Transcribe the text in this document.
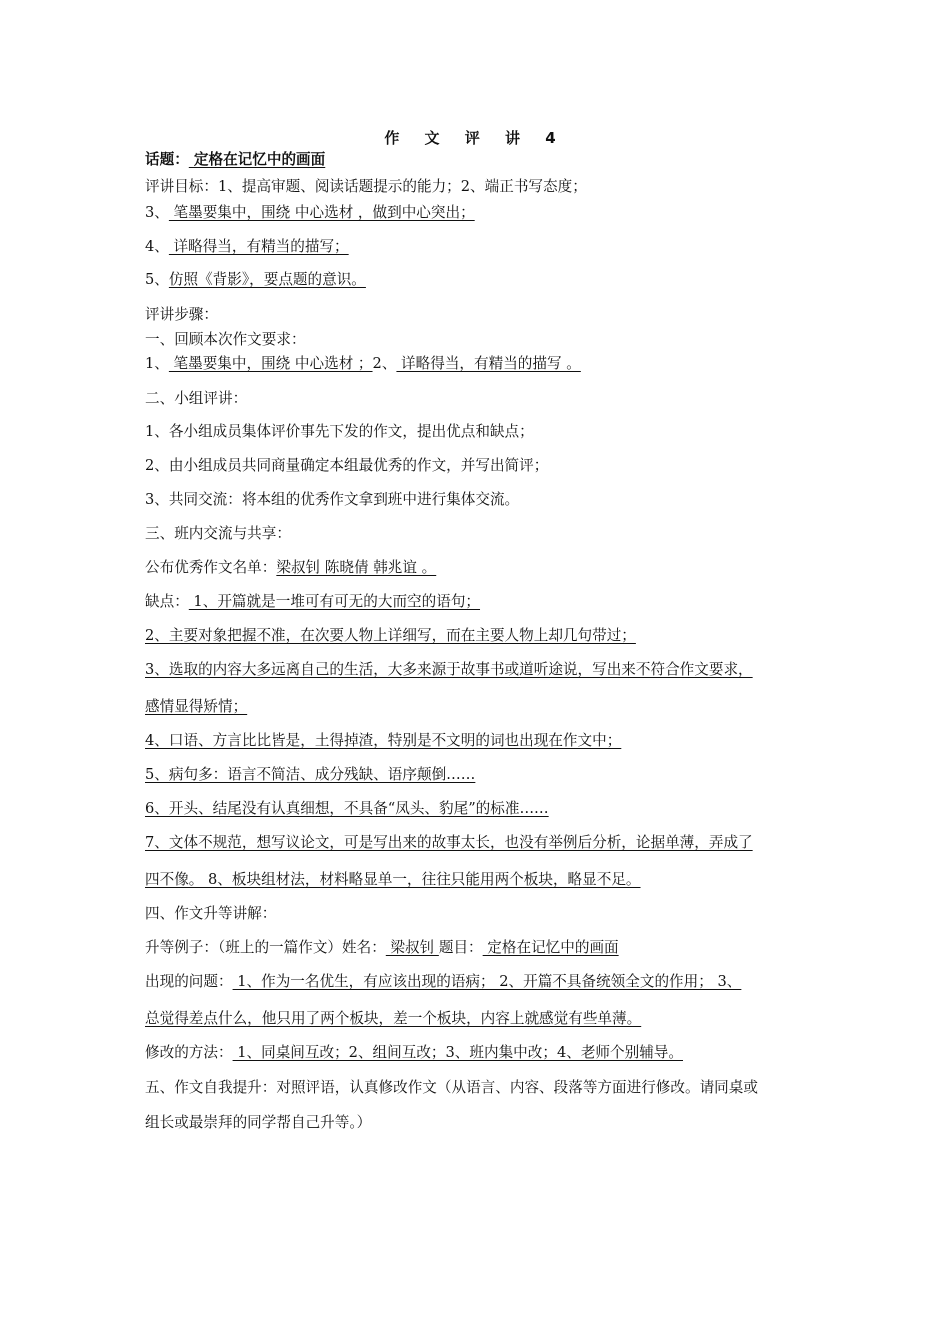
作 文 评 讲 4
话题： 定格在记忆中的画面
评讲目标：1、提高审题、阅读话题提示的能力；2、端正书写态度；
3、 笔墨要集中，围绕 中心选材 ，做到中心突出；
4、 详略得当，有精当的描写；
5、仿照《背影》，要点题的意识。
评讲步骤：
一、回顾本次作文要求：
1、 笔墨要集中，围绕 中心选材 ；2、 详略得当，有精当的描写 。
二、小组评讲：
1、各小组成员集体评价事先下发的作文，提出优点和缺点；
2、由小组成员共同商量确定本组最优秀的作文，并写出简评；
3、共同交流：将本组的优秀作文拿到班中进行集体交流。
三、班内交流与共享：
公布优秀作文名单：梁叔钊 陈晓倩 韩兆谊 。
缺点： 1、开篇就是一堆可有可无的大而空的语句；
2、主要对象把握不准，在次要人物上详细写，而在主要人物上却几句带过；
3、选取的内容大多远离自己的生活，大多来源于故事书或道听途说，写出来不符合作文要求，
感情显得矫情；
4、口语、方言比比皆是，土得掉渣，特别是不文明的词也出现在作文中；
5、病句多：语言不简洁、成分残缺、语序颠倒……
6、开头、结尾没有认真细想，不具备“凤头、豹尾”的标准……
7、文体不规范，想写议论文，可是写出来的故事太长，也没有举例后分析，论据单薄，弄成了
四不像。 8、板块组材法，材料略显单一，往往只能用两个板块，略显不足。
四、作文升等讲解：
升等例子：（班上的一篇作文）姓名： 梁叔钊 题目： 定格在记忆中的画面
出现的问题： 1、作为一名优生，有应该出现的语病； 2、开篇不具备统领全文的作用； 3、
总觉得差点什么，他只用了两个板块，差一个板块，内容上就感觉有些单薄。
修改的方法： 1、同桌间互改；2、组间互改；3、班内集中改；4、老师个别辅导。
五、作文自我提升：对照评语，认真修改作文（从语言、内容、段落等方面进行修改。请同桌或
组长或最崇拜的同学帮自己升等。）
